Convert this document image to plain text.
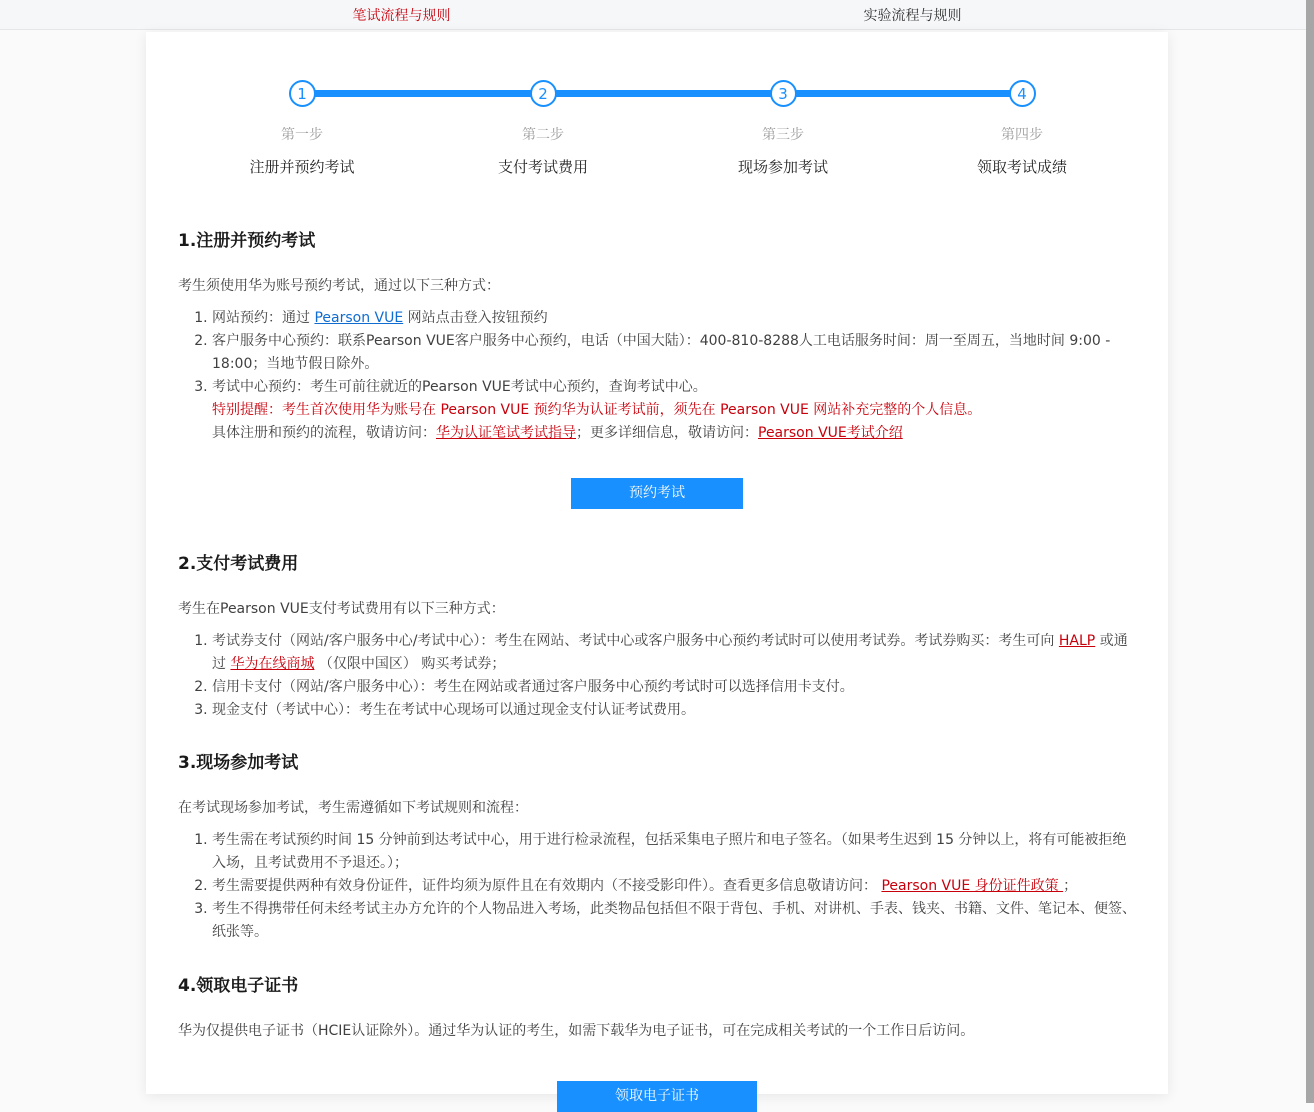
笔试流程与规则	实验流程与规则
1
第一步
注册并预约考试
2
第二步
支付考试费用
3
第三步
现场参加考试
4
第四步
领取考试成绩
1.注册并预约考试

考生须使用华为账号预约考试，通过以下三种方式：

1. 网站预约：通过 Pearson VUE 网站点击登入按钮预约
2. 客户服务中心预约：联系Pearson VUE客户服务中心预约，电话（中国大陆）：400-810-8288人工电话服务时间：周一至周五，当地时间 9:00 - 18:00；当地节假日除外。
3. 考试中心预约：考生可前往就近的Pearson VUE考试中心预约，查询考试中心。
特别提醒：考生首次使用华为账号在 Pearson VUE 预约华为认证考试前，须先在 Pearson VUE 网站补充完整的个人信息。
具体注册和预约的流程，敬请访问：华为认证笔试考试指导；更多详细信息，敬请访问：Pearson VUE考试介绍
预约考试
2.支付考试费用

考生在Pearson VUE支付考试费用有以下三种方式：

1. 考试券支付（网站/客户服务中心/考试中心）：考生在网站、考试中心或客户服务中心预约考试时可以使用考试券。考试券购买：考生可向 HALP 或通过 华为在线商城 （仅限中国区） 购买考试券；
2. 信用卡支付（网站/客户服务中心）：考生在网站或者通过客户服务中心预约考试时可以选择信用卡支付。
3. 现金支付（考试中心）：考生在考试中心现场可以通过现金支付认证考试费用。
3.现场参加考试

在考试现场参加考试，考生需遵循如下考试规则和流程：

1. 考生需在考试预约时间 15 分钟前到达考试中心，用于进行检录流程，包括采集电子照片和电子签名。（如果考生迟到 15 分钟以上，将有可能被拒绝入场，且考试费用不予退还。）；
2. 考生需要提供两种有效身份证件，证件均须为原件且在有效期内（不接受影印件）。查看更多信息敬请访问： Pearson VUE 身份证件政策 ；
3. 考生不得携带任何未经考试主办方允许的个人物品进入考场，此类物品包括但不限于背包、手机、对讲机、手表、钱夹、书籍、文件、笔记本、便签、纸张等。
4.领取电子证书

华为仅提供电子证书（HCIE认证除外）。通过华为认证的考生，如需下载华为电子证书，可在完成相关考试的一个工作日后访问。

领取电子证书
